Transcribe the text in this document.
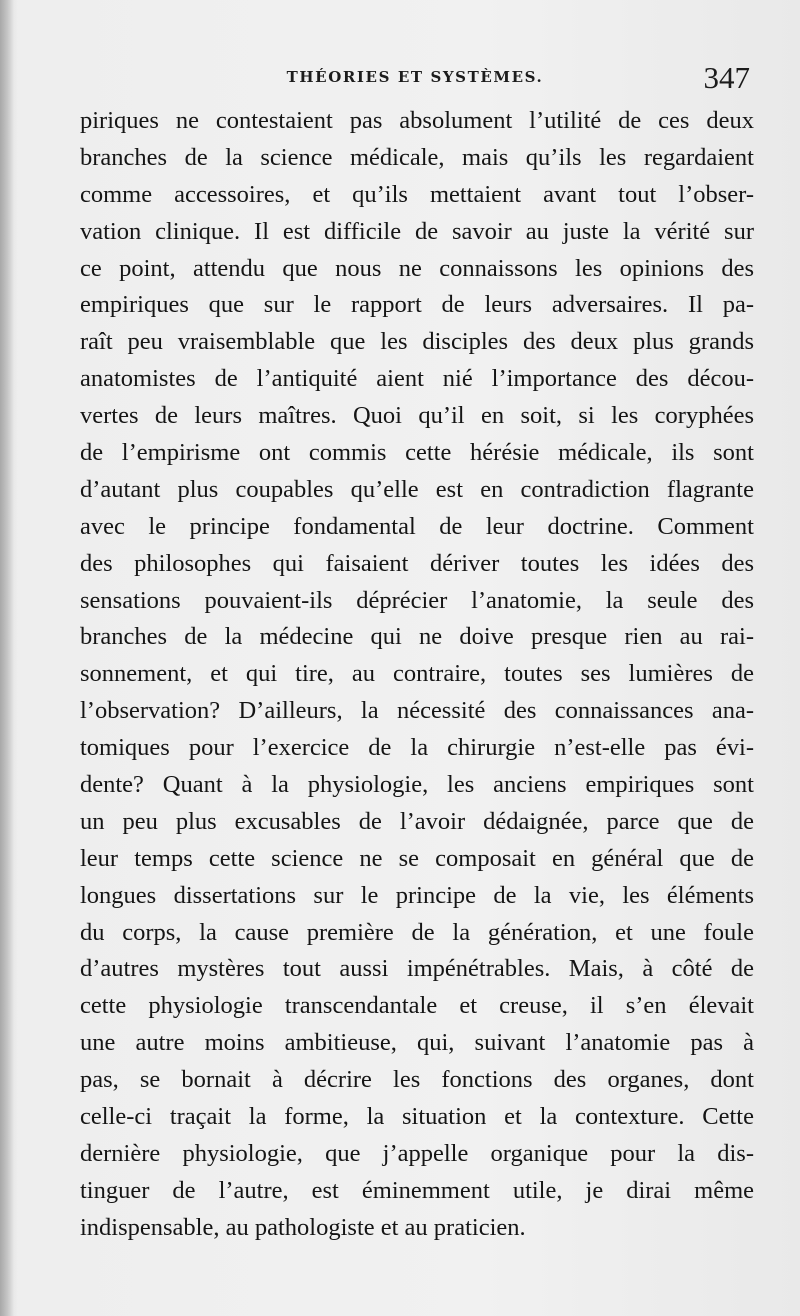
THÉORIES ET SYSTÈMES.	347
piriques ne contestaient pas absolument l’utilité de ces deux
branches de la science médicale, mais qu’ils les regardaient
comme accessoires, et qu’ils mettaient avant tout l’obser-
vation clinique. Il est difficile de savoir au juste la vérité sur
ce point, attendu que nous ne connaissons les opinions des
empiriques que sur le rapport de leurs adversaires. Il pa-
raît peu vraisemblable que les disciples des deux plus grands
anatomistes de l’antiquité aient nié l’importance des décou-
vertes de leurs maîtres. Quoi qu’il en soit, si les coryphées
de l’empirisme ont commis cette hérésie médicale, ils sont
d’autant plus coupables qu’elle est en contradiction flagrante
avec le principe fondamental de leur doctrine. Comment
des philosophes qui faisaient dériver toutes les idées des
sensations pouvaient-ils déprécier l’anatomie, la seule des
branches de la médecine qui ne doive presque rien au rai-
sonnement, et qui tire, au contraire, toutes ses lumières de
l’observation? D’ailleurs, la nécessité des connaissances ana-
tomiques pour l’exercice de la chirurgie n’est-elle pas évi-
dente? Quant à la physiologie, les anciens empiriques sont
un peu plus excusables de l’avoir dédaignée, parce que de
leur temps cette science ne se composait en général que de
longues dissertations sur le principe de la vie, les éléments
du corps, la cause première de la génération, et une foule
d’autres mystères tout aussi impénétrables. Mais, à côté de
cette physiologie transcendantale et creuse, il s’en élevait
une autre moins ambitieuse, qui, suivant l’anatomie pas à
pas, se bornait à décrire les fonctions des organes, dont
celle-ci traçait la forme, la situation et la contexture. Cette
dernière physiologie, que j’appelle organique pour la dis-
tinguer de l’autre, est éminemment utile, je dirai même
indispensable, au pathologiste et au praticien.
